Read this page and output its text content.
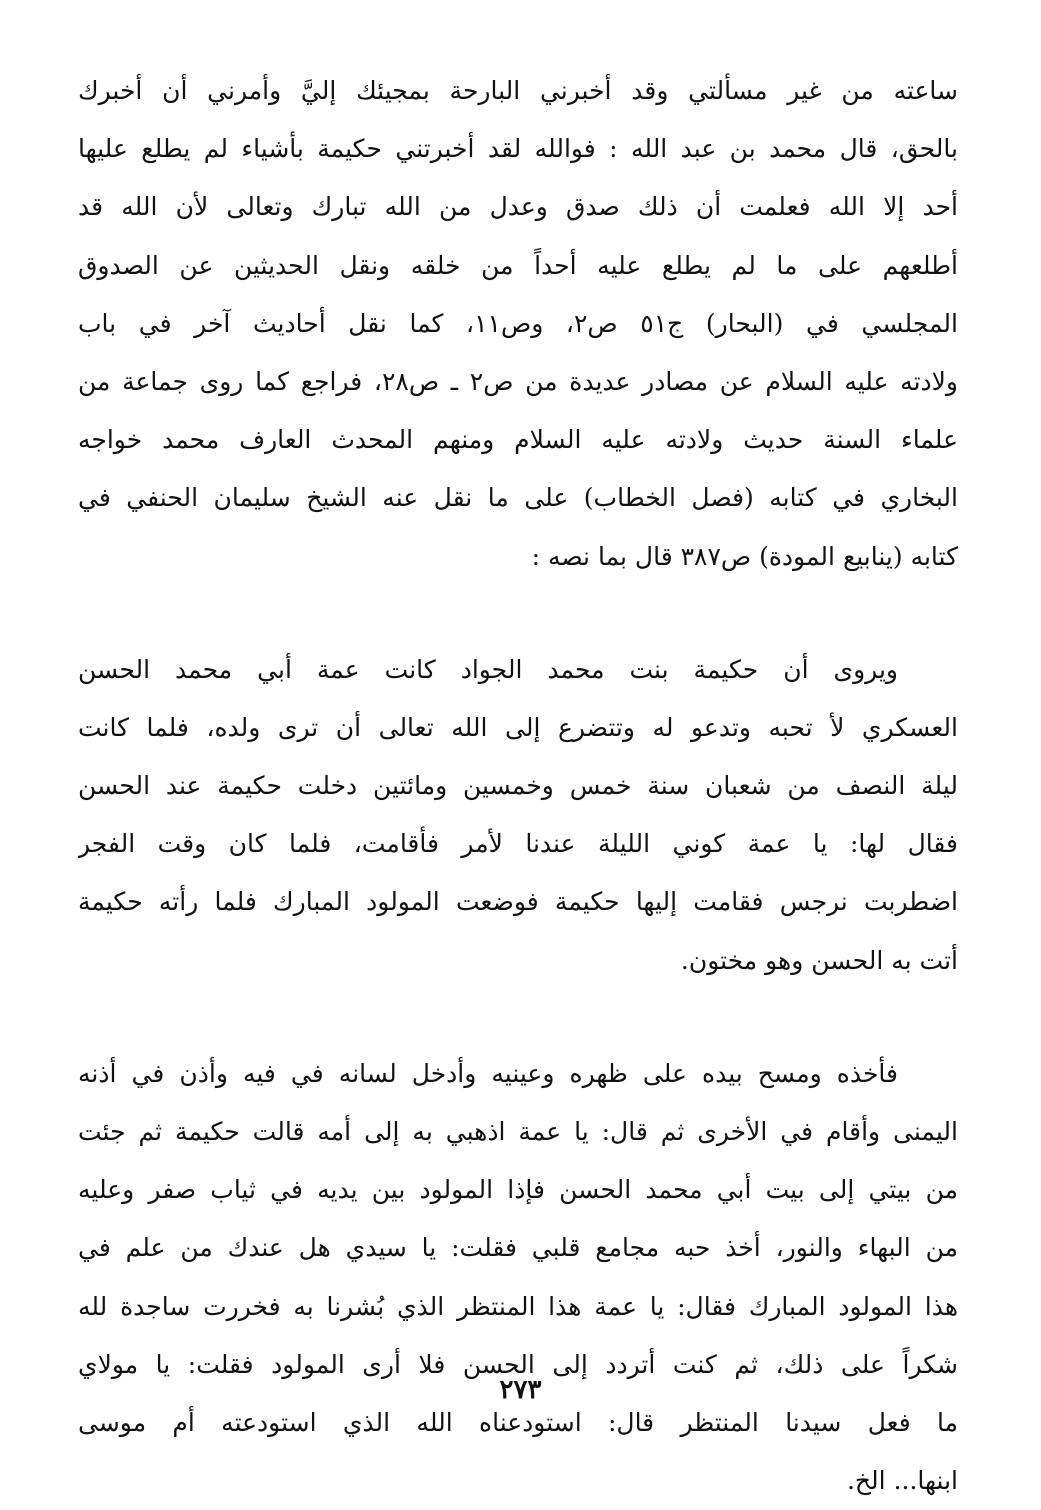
ساعته من غير مسألتي وقد أخبرني البارحة بمجيئك إليَّ وأمرني أن أخبرك
بالحق، قال محمد بن عبد الله : فوالله لقد أخبرتني حكيمة بأشياء لم يطلع عليها
أحد إلا الله فعلمت أن ذلك صدق وعدل من الله تبارك وتعالى لأن الله قد
أطلعهم على ما لم يطلع عليه أحداً من خلقه ونقل الحديثين عن الصدوق
المجلسي في (البحار) ج٥١ ص٢، وص١١، كما نقل أحاديث آخر في باب
ولادته عليه السلام عن مصادر عديدة من ص٢ ـ ص٢٨، فراجع كما روى جماعة من
علماء السنة حديث ولادته عليه السلام ومنهم المحدث العارف محمد خواجه
البخاري في كتابه (فصل الخطاب) على ما نقل عنه الشيخ سليمان الحنفي في
كتابه (ينابيع المودة) ص٣٨٧ قال بما نصه :
ويروى أن حكيمة بنت محمد الجواد كانت عمة أبي محمد الحسن
العسكري لأ تحبه وتدعو له وتتضرع إلى الله تعالى أن ترى ولده، فلما كانت
ليلة النصف من شعبان سنة خمس وخمسين ومائتين دخلت حكيمة عند الحسن
فقال لها: يا عمة كوني الليلة عندنا لأمر فأقامت، فلما كان وقت الفجر
اضطربت نرجس فقامت إليها حكيمة فوضعت المولود المبارك فلما رأته حكيمة
أتت به الحسن وهو مختون.
فأخذه ومسح بيده على ظهره وعينيه وأدخل لسانه في فيه وأذن في أذنه
اليمنى وأقام في الأخرى ثم قال: يا عمة اذهبي به إلى أمه قالت حكيمة ثم جئت
من بيتي إلى بيت أبي محمد الحسن فإذا المولود بين يديه في ثياب صفر وعليه
من البهاء والنور، أخذ حبه مجامع قلبي فقلت: يا سيدي هل عندك من علم في
هذا المولود المبارك فقال: يا عمة هذا المنتظر الذي بُشرنا به فخررت ساجدة لله
شكراً على ذلك، ثم كنت أتردد إلى الحسن فلا أرى المولود فقلت: يا مولاي
ما فعل سيدنا المنتظر قال: استودعناه الله الذي استودعته أم موسى
ابنها... الخ.
٢٧٣
